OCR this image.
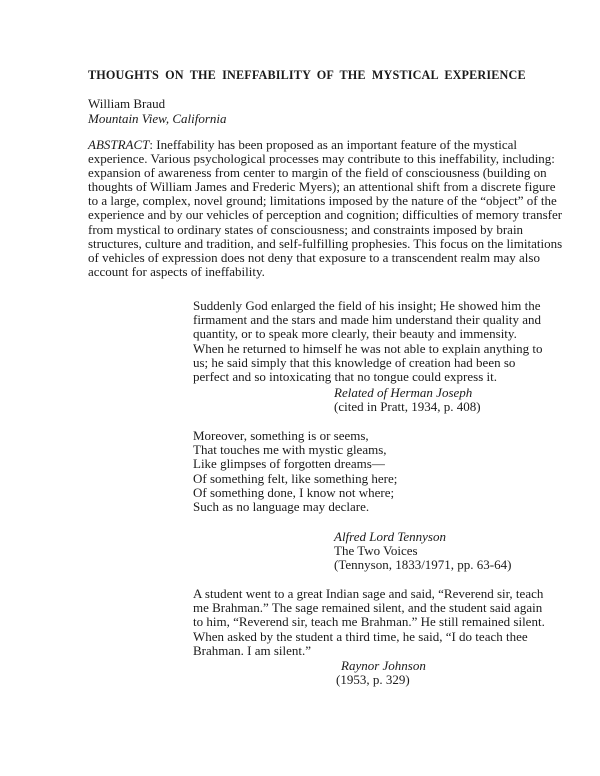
THOUGHTS ON THE INEFFABILITY OF THE MYSTICAL EXPERIENCE
William Braud
Mountain View, California
ABSTRACT: Ineffability has been proposed as an important feature of the mystical
experience. Various psychological processes may contribute to this ineffability, including:
expansion of awareness from center to margin of the field of consciousness (building on
thoughts of William James and Frederic Myers); an attentional shift from a discrete figure
to a large, complex, novel ground; limitations imposed by the nature of the “object” of the
experience and by our vehicles of perception and cognition; difficulties of memory transfer
from mystical to ordinary states of consciousness; and constraints imposed by brain
structures, culture and tradition, and self-fulfilling prophesies. This focus on the limitations
of vehicles of expression does not deny that exposure to a transcendent realm may also
account for aspects of ineffability.
Suddenly God enlarged the field of his insight; He showed him the
firmament and the stars and made him understand their quality and
quantity, or to speak more clearly, their beauty and immensity.
When he returned to himself he was not able to explain anything to
us; he said simply that this knowledge of creation had been so
perfect and so intoxicating that no tongue could express it.
Related of Herman Joseph
(cited in Pratt, 1934, p. 408)
Moreover, something is or seems,
That touches me with mystic gleams,
Like glimpses of forgotten dreams—
Of something felt, like something here;
Of something done, I know not where;
Such as no language may declare.
Alfred Lord Tennyson
The Two Voices
(Tennyson, 1833/1971, pp. 63-64)
A student went to a great Indian sage and said, “Reverend sir, teach
me Brahman.” The sage remained silent, and the student said again
to him, “Reverend sir, teach me Brahman.” He still remained silent.
When asked by the student a third time, he said, “I do teach thee
Brahman. I am silent.”
Raynor Johnson
(1953, p. 329)
